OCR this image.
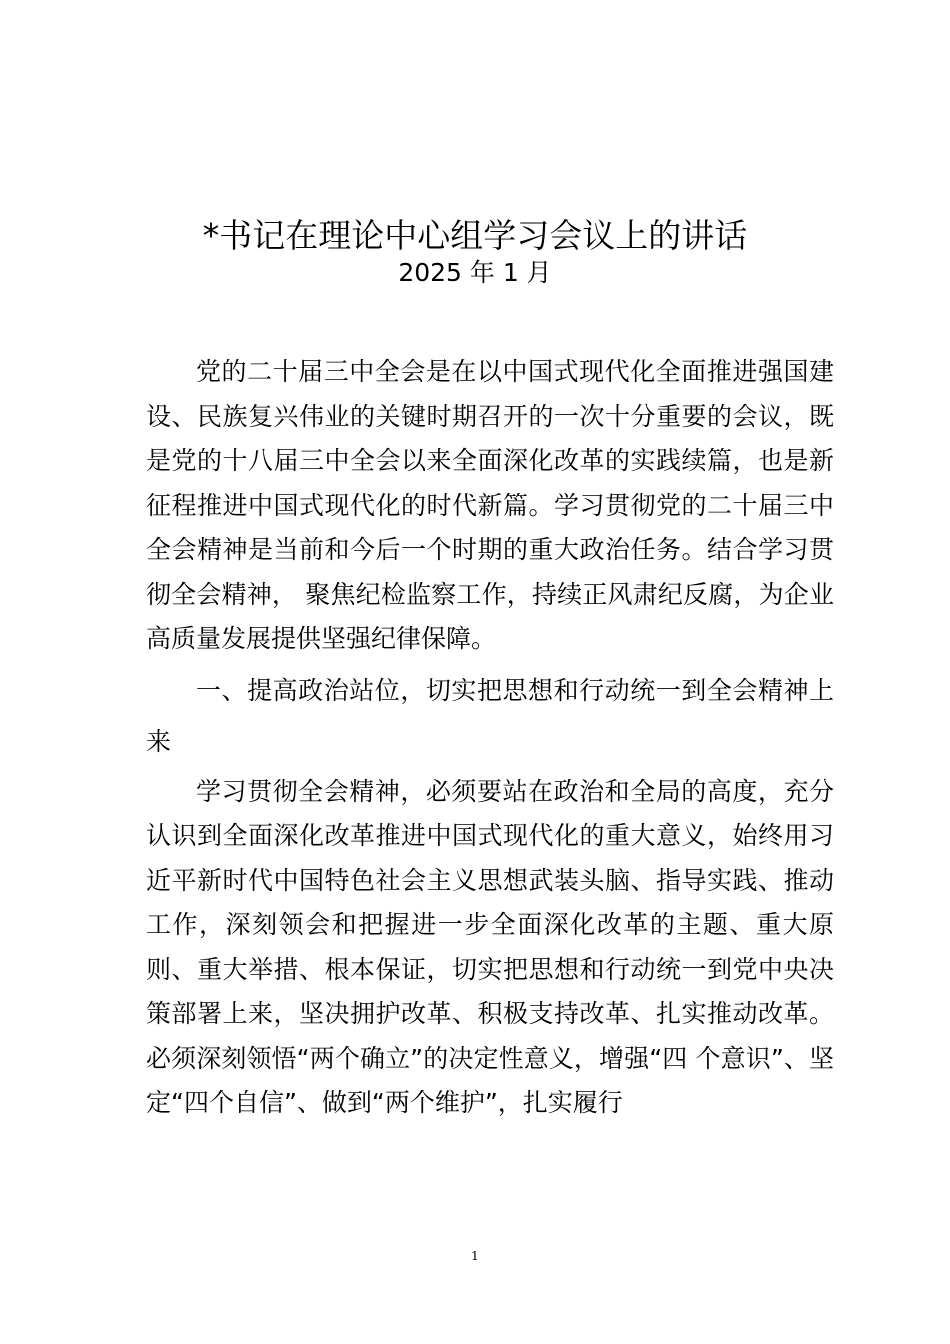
*书记在理论中心组学习会议上的讲话
2025 年 1 月

党的二十届三中全会是在以中国式现代化全面推进强国建设、民族复兴伟业的关键时期召开的一次十分重要的会议，既是党的十八届三中全会以来全面深化改革的实践续篇，也是新征程推进中国式现代化的时代新篇。学习贯彻党的二十届三中全会精神是当前和今后一个时期的重大政治任务。结合学习贯彻全会精神， 聚焦纪检监察工作，持续正风肃纪反腐，为企业高质量发展提供坚强纪律保障。

一、提高政治站位，切实把思想和行动统一到全会精神上来

学习贯彻全会精神，必须要站在政治和全局的高度，充分认识到全面深化改革推进中国式现代化的重大意义，始终用习近平新时代中国特色社会主义思想武装头脑、指导实践、推动工作，深刻领会和把握进一步全面深化改革的主题、重大原则、重大举措、根本保证，切实把思想和行动统一到党中央决策部署上来，坚决拥护改革、积极支持改革、扎实推动改革。必须深刻领悟“两个确立”的决定性意义，增强“四 个意识”、坚定“四个自信”、做到“两个维护”，扎实履行

1
